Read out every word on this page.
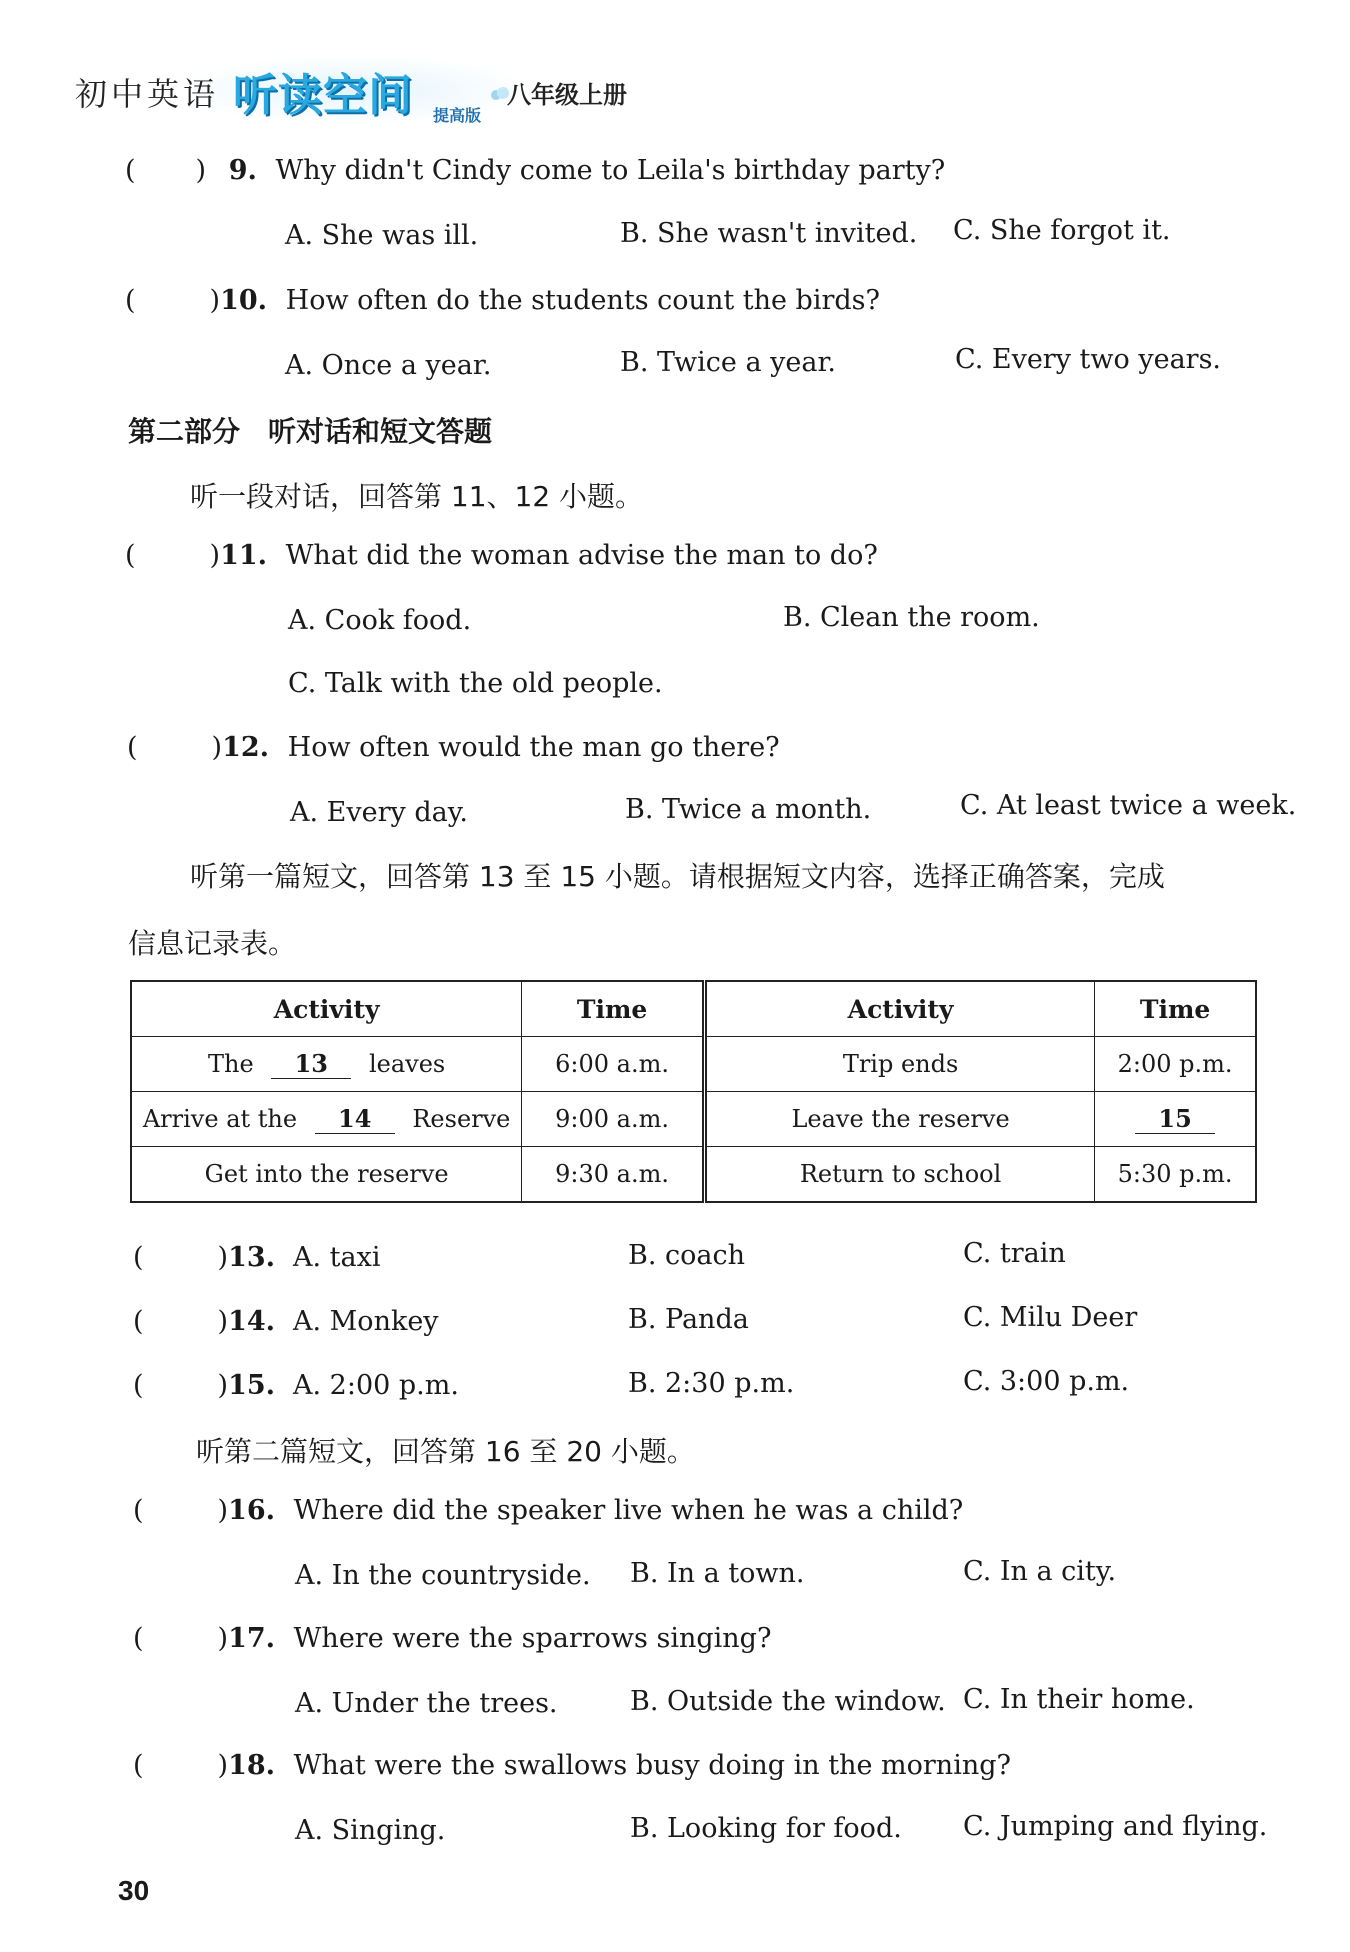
初中英语 听读空间 提高版
八年级上册
( ) 9. Why didn't Cindy come to Leila's birthday party?
A. She was ill.	B. She wasn't invited. C. She forgot it.
(	)10. How often do the students count the birds?
A. Once a year.	B. Twice a year.	C. Every two years.
第二部分　听对话和短文答题
听一段对话，回答第 11、12 小题。
(	)11. What did the woman advise the man to do?
A. Cook food.	B. Clean the room.
C. Talk with the old people.
(	)12. How often would the man go there?
A. Every day.	B. Twice a month.	C. At least twice a week.
听第一篇短文，回答第 13 至 15 小题。请根据短文内容，选择正确答案，完成
信息记录表。
Activity	Time	Activity	Time
The 13 leaves	6:00 a.m.	Trip ends	2:00 p.m.
Arrive at the 14 Reserve	9:00 a.m.	Leave the reserve	15
Get into the reserve	9:30 a.m.	Return to school	5:30 p.m.
(	)13. A. taxi	B. coach	C. train
(	)14. A. Monkey	B. Panda	C. Milu Deer
(	)15. A. 2:00 p.m.	B. 2:30 p.m.	C. 3:00 p.m.
听第二篇短文，回答第 16 至 20 小题。
(	)16. Where did the speaker live when he was a child?
A. In the countryside. B. In a town.	C. In a city.
(	)17. Where were the sparrows singing?
A. Under the trees.	B. Outside the window. C. In their home.
(	)18. What were the swallows busy doing in the morning?
A. Singing.	B. Looking for food. C. Jumping and flying.
30
